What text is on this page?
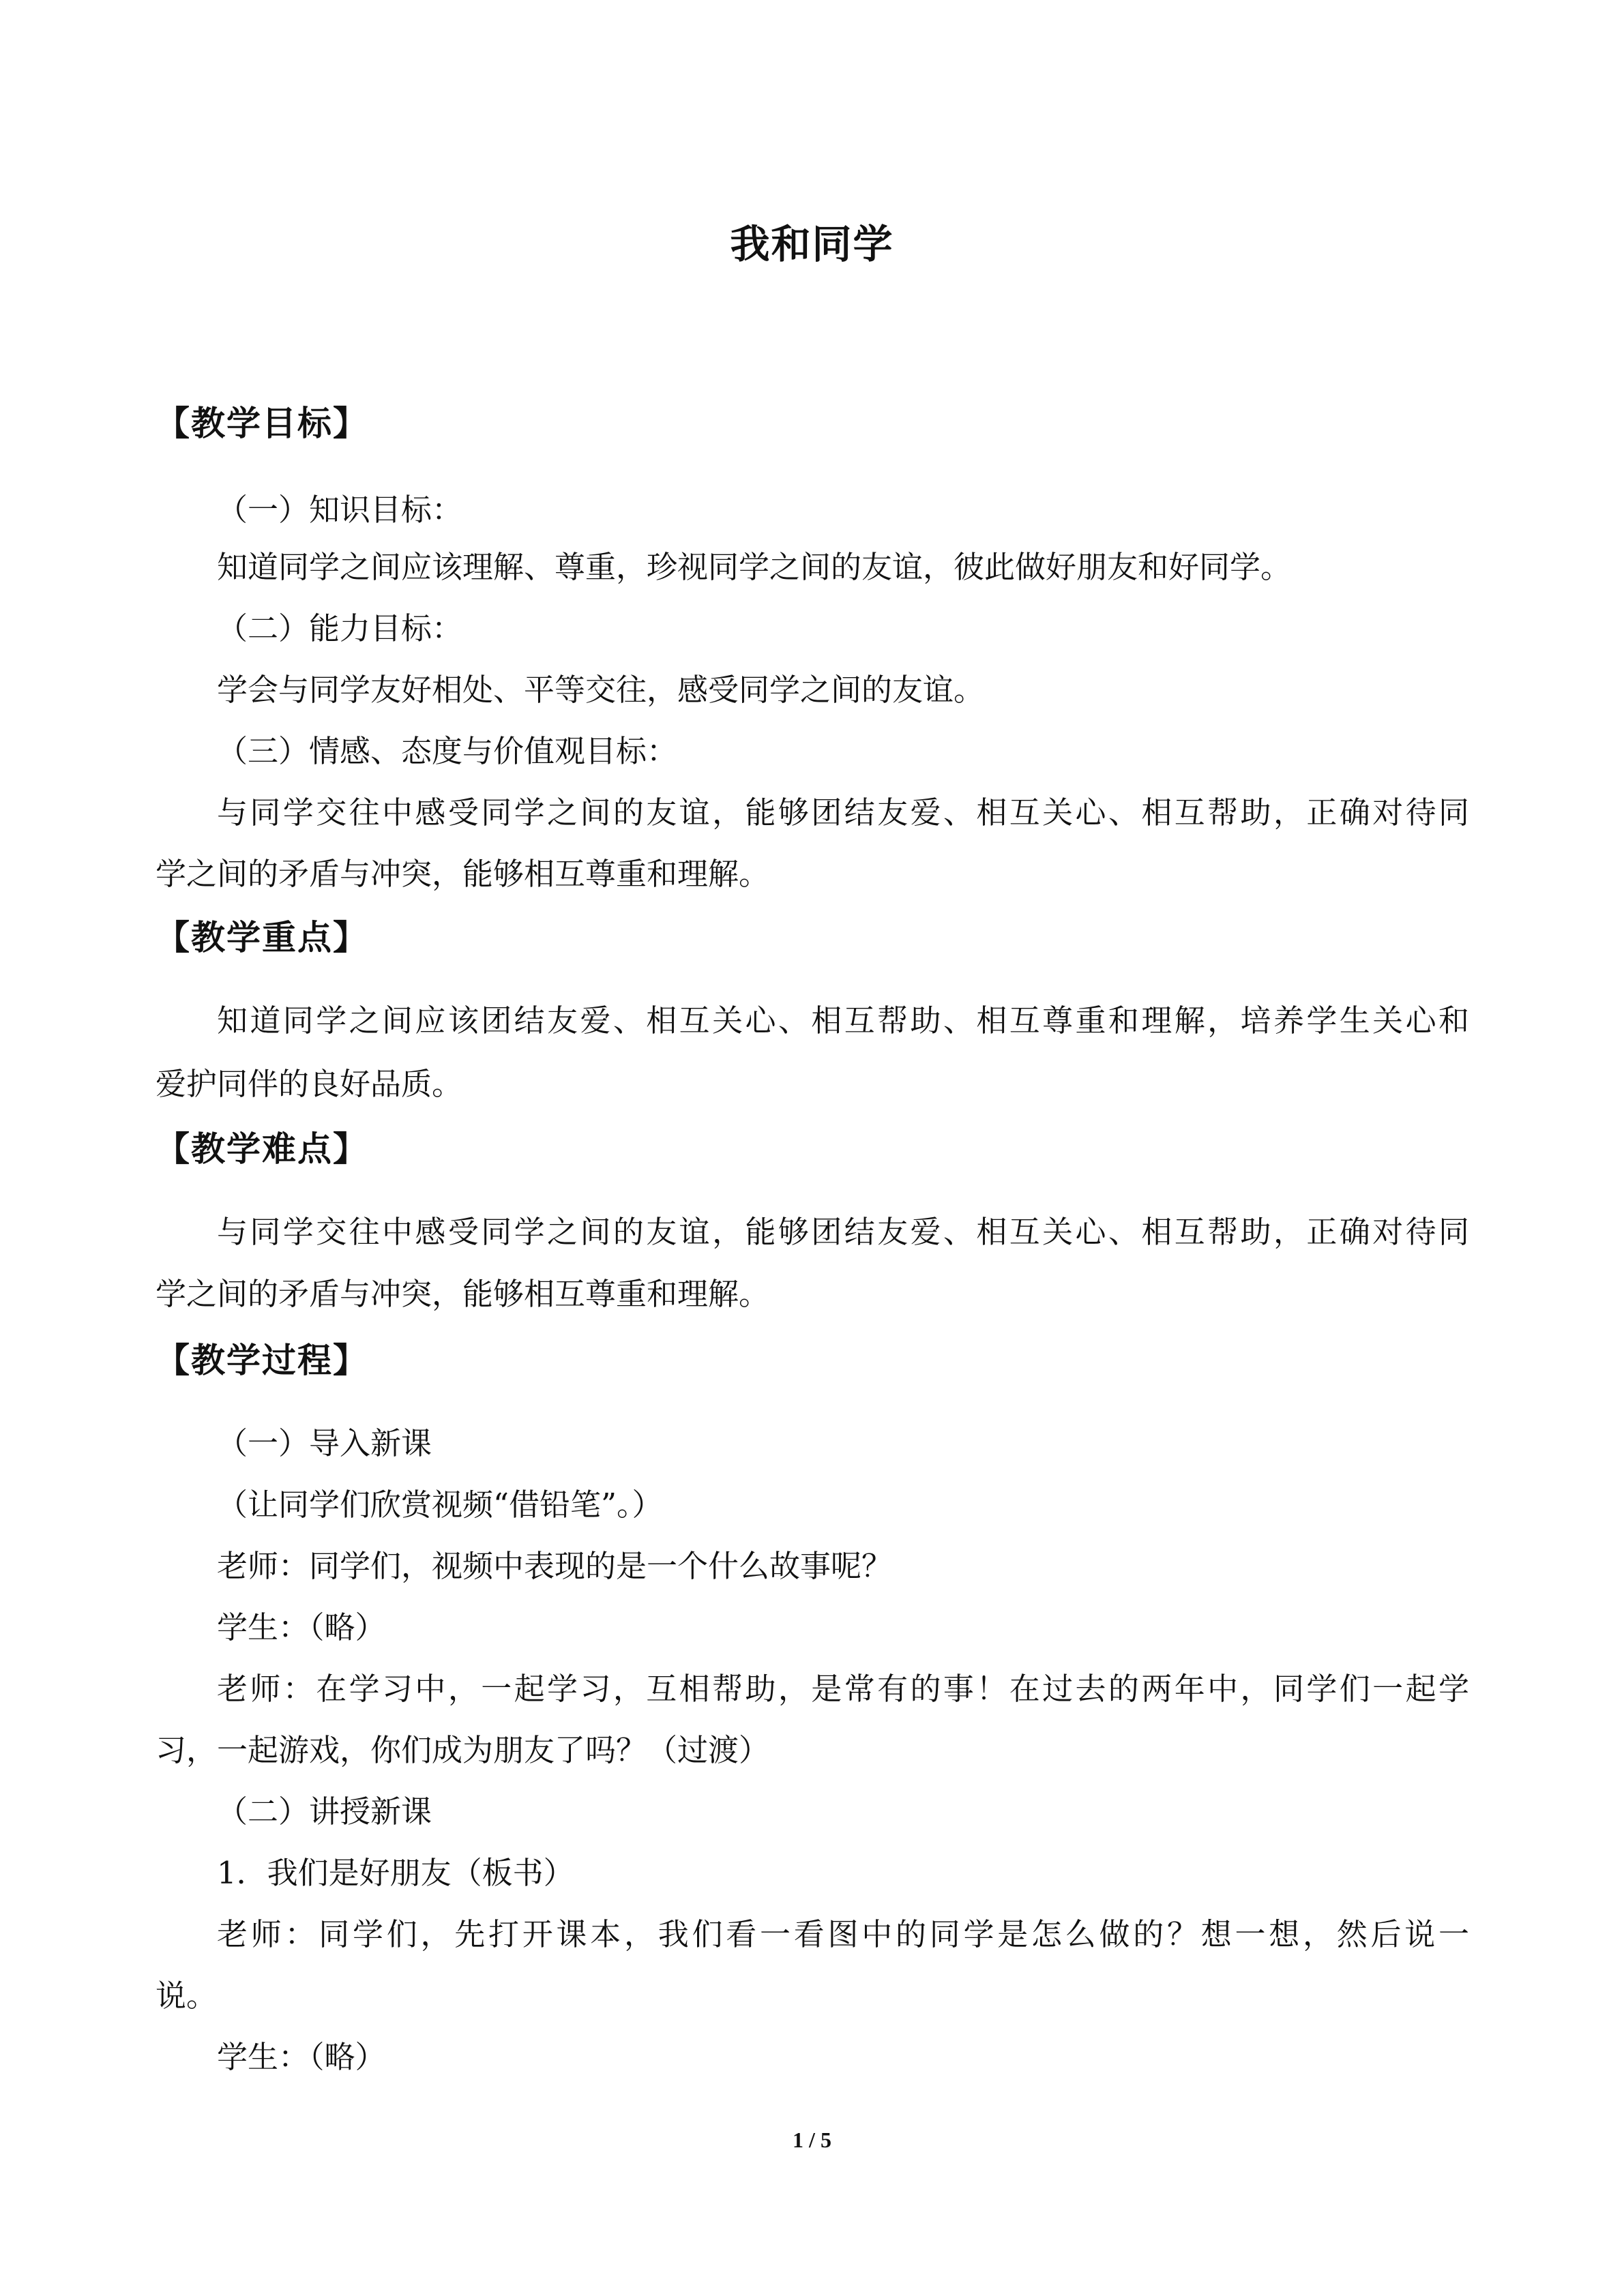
我和同学
【教学目标】
（一）知识目标：
知道同学之间应该理解、尊重，珍视同学之间的友谊，彼此做好朋友和好同学。
（二）能力目标：
学会与同学友好相处、平等交往，感受同学之间的友谊。
（三）情感、态度与价值观目标：
与同学交往中感受同学之间的友谊，能够团结友爱、相互关心、相互帮助，正确对待同
学之间的矛盾与冲突，能够相互尊重和理解。
【教学重点】
知道同学之间应该团结友爱、相互关心、相互帮助、相互尊重和理解，培养学生关心和
爱护同伴的良好品质。
【教学难点】
与同学交往中感受同学之间的友谊，能够团结友爱、相互关心、相互帮助，正确对待同
学之间的矛盾与冲突，能够相互尊重和理解。
【教学过程】
（一）导入新课
（让同学们欣赏视频“借铅笔”。）
老师：同学们，视频中表现的是一个什么故事呢？
学生：（略）
老师：在学习中，一起学习，互相帮助，是常有的事！在过去的两年中，同学们一起学
习，一起游戏，你们成为朋友了吗？（过渡）
（二）讲授新课
1．我们是好朋友（板书）
老师：同学们，先打开课本，我们看一看图中的同学是怎么做的？想一想，然后说一
说。
学生：（略）
1 / 5
